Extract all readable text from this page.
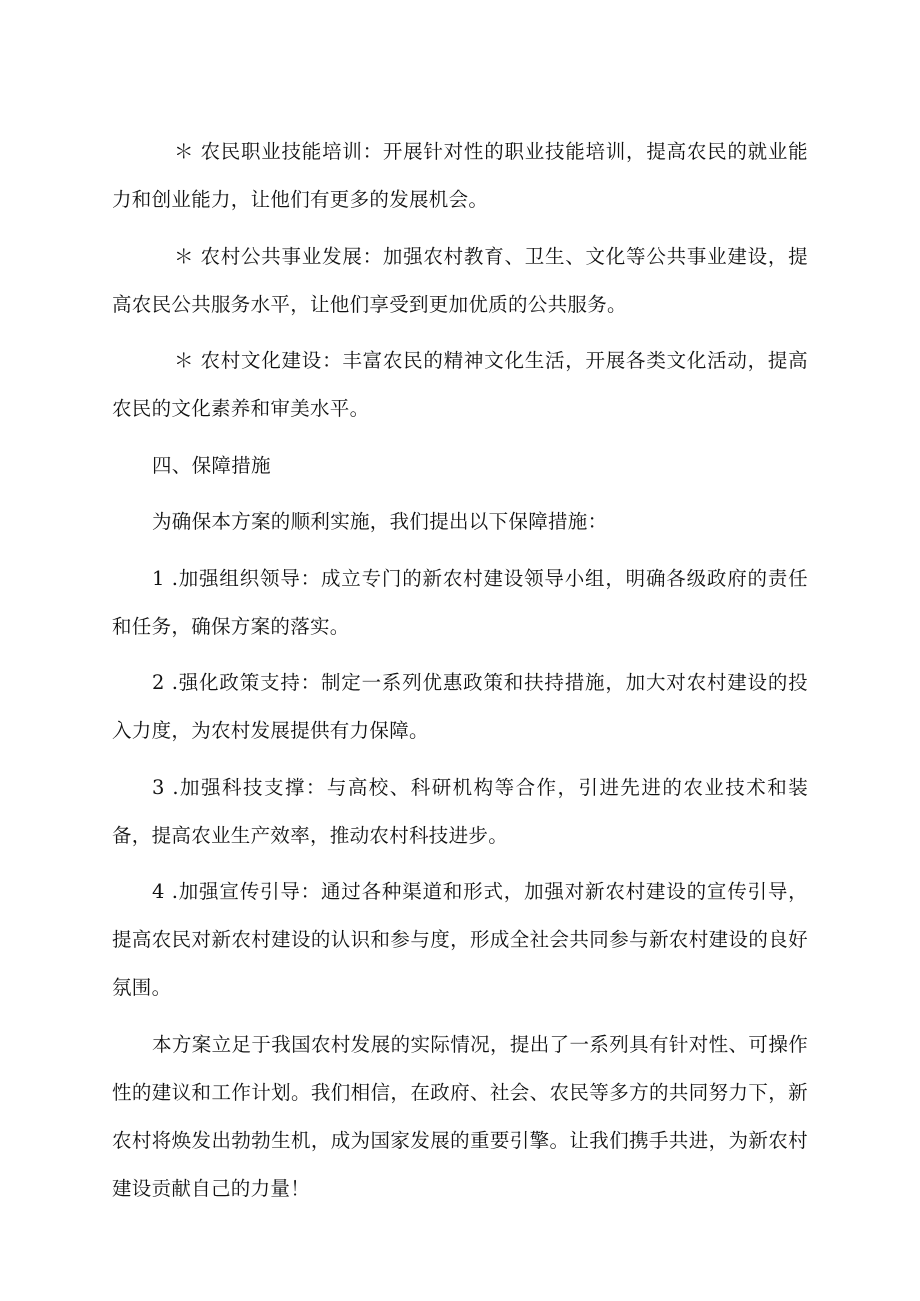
＊ 农民职业技能培训：开展针对性的职业技能培训，提高农民的就业能力和创业能力，让他们有更多的发展机会。

＊ 农村公共事业发展：加强农村教育、卫生、文化等公共事业建设，提高农民公共服务水平，让他们享受到更加优质的公共服务。

＊ 农村文化建设：丰富农民的精神文化生活，开展各类文化活动，提高农民的文化素养和审美水平。

四、保障措施

为确保本方案的顺利实施，我们提出以下保障措施：

1 .加强组织领导：成立专门的新农村建设领导小组，明确各级政府的责任和任务，确保方案的落实。

2 .强化政策支持：制定一系列优惠政策和扶持措施，加大对农村建设的投入力度，为农村发展提供有力保障。

3 .加强科技支撑：与高校、科研机构等合作，引进先进的农业技术和装备，提高农业生产效率，推动农村科技进步。

4 .加强宣传引导：通过各种渠道和形式，加强对新农村建设的宣传引导，提高农民对新农村建设的认识和参与度，形成全社会共同参与新农村建设的良好氛围。

本方案立足于我国农村发展的实际情况，提出了一系列具有针对性、可操作性的建议和工作计划。我们相信，在政府、社会、农民等多方的共同努力下，新农村将焕发出勃勃生机，成为国家发展的重要引擎。让我们携手共进，为新农村建设贡献自己的力量！
